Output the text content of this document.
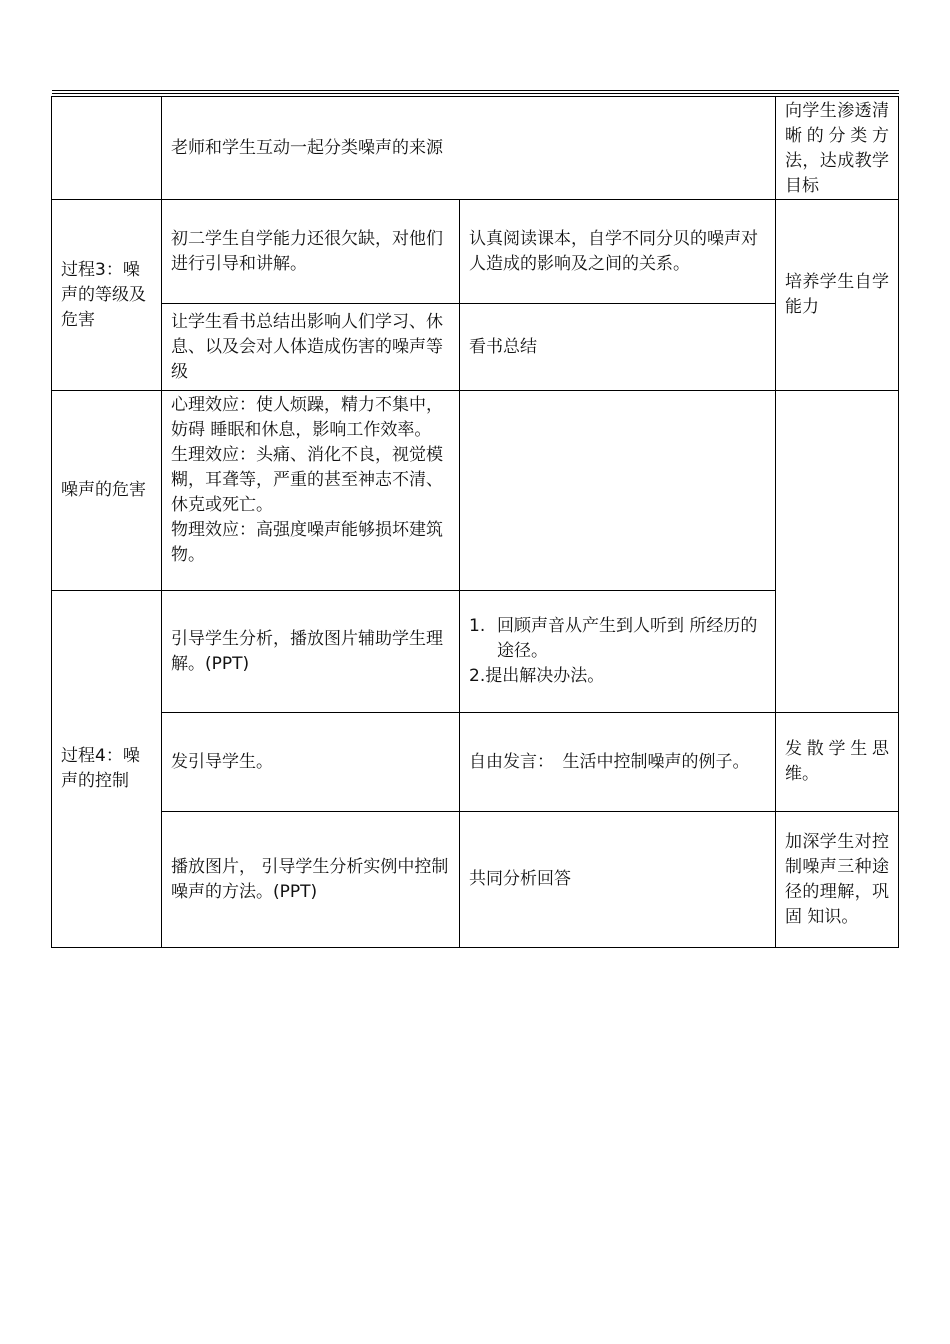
	老师和学生互动一起分类噪声的来源		向学生渗透清晰的分类方法，达成教学目标
过程3：噪声的等级及危害	初二学生自学能力还很欠缺，对他们进行引导和讲解。	认真阅读课本，自学不同分贝的噪声对人造成的影响及之间的关系。	培养学生自学能力
	让学生看书总结出影响人们学习、休息、以及会对人体造成伤害的噪声等级	看书总结	
噪声的危害	心理效应：使人烦躁，精力不集中，妨碍 睡眠和休息，影响工作效率。
生理效应：头痛、消化不良，视觉模糊，耳聋等，严重的甚至神志不清、休克或死亡。
物理效应：高强度噪声能够损坏建筑物。		

过程4：噪声的控制	引导学生分析，播放图片辅助学生理解。(PPT)	1. 回顾声音从产生到人听到 所经历的途径。
2.提出解决办法。	

	发引导学生。	自由发言：　生活中控制噪声的例子。	发散学生思维。
	播放图片， 引导学生分析实例中控制噪声的方法。(PPT)	共同分析回答	加深学生对控制噪声三种途径的理解，巩固 知识。
